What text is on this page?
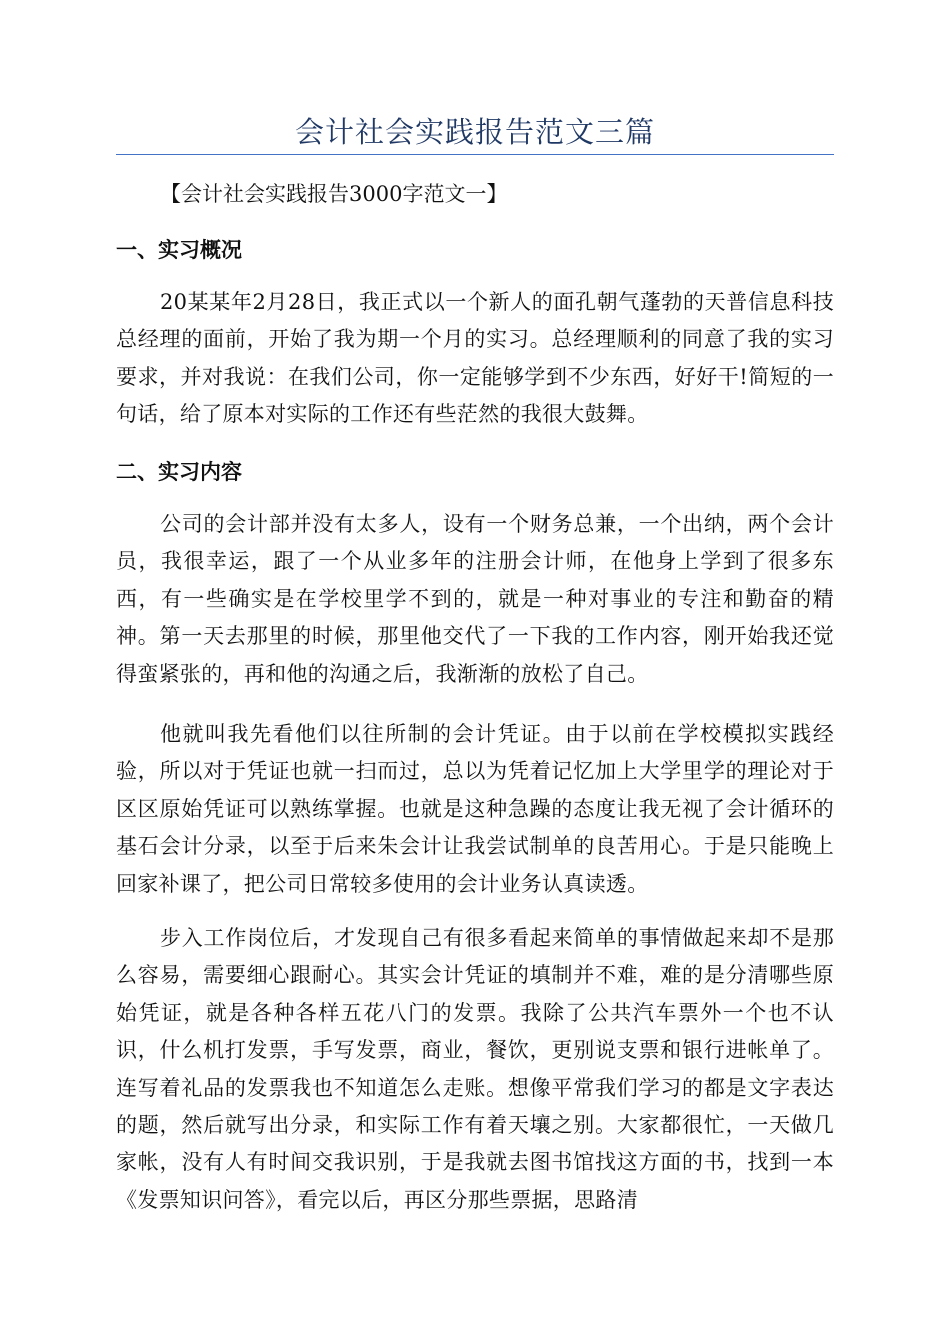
会计社会实践报告范文三篇
【会计社会实践报告3000字范文一】
一、实习概况
20某某年2月28日，我正式以一个新人的面孔朝气蓬勃的天普信息科技总经理的面前，开始了我为期一个月的实习。总经理顺利的同意了我的实习要求，并对我说：在我们公司，你一定能够学到不少东西，好好干!简短的一句话，给了原本对实际的工作还有些茫然的我很大鼓舞。
二、实习内容
公司的会计部并没有太多人，设有一个财务总兼，一个出纳，两个会计员，我很幸运，跟了一个从业多年的注册会计师，在他身上学到了很多东西，有一些确实是在学校里学不到的，就是一种对事业的专注和勤奋的精神。第一天去那里的时候，那里他交代了一下我的工作内容，刚开始我还觉得蛮紧张的，再和他的沟通之后，我渐渐的放松了自己。
他就叫我先看他们以往所制的会计凭证。由于以前在学校模拟实践经验，所以对于凭证也就一扫而过，总以为凭着记忆加上大学里学的理论对于区区原始凭证可以熟练掌握。也就是这种急躁的态度让我无视了会计循环的基石会计分录，以至于后来朱会计让我尝试制单的良苦用心。于是只能晚上回家补课了，把公司日常较多使用的会计业务认真读透。
步入工作岗位后，才发现自己有很多看起来简单的事情做起来却不是那么容易，需要细心跟耐心。其实会计凭证的填制并不难，难的是分清哪些原始凭证，就是各种各样五花八门的发票。我除了公共汽车票外一个也不认识，什么机打发票，手写发票，商业，餐饮，更别说支票和银行进帐单了。连写着礼品的发票我也不知道怎么走账。想像平常我们学习的都是文字表达的题，然后就写出分录，和实际工作有着天壤之别。大家都很忙，一天做几家帐，没有人有时间交我识别，于是我就去图书馆找这方面的书，找到一本《发票知识问答》，看完以后，再区分那些票据，思路清
